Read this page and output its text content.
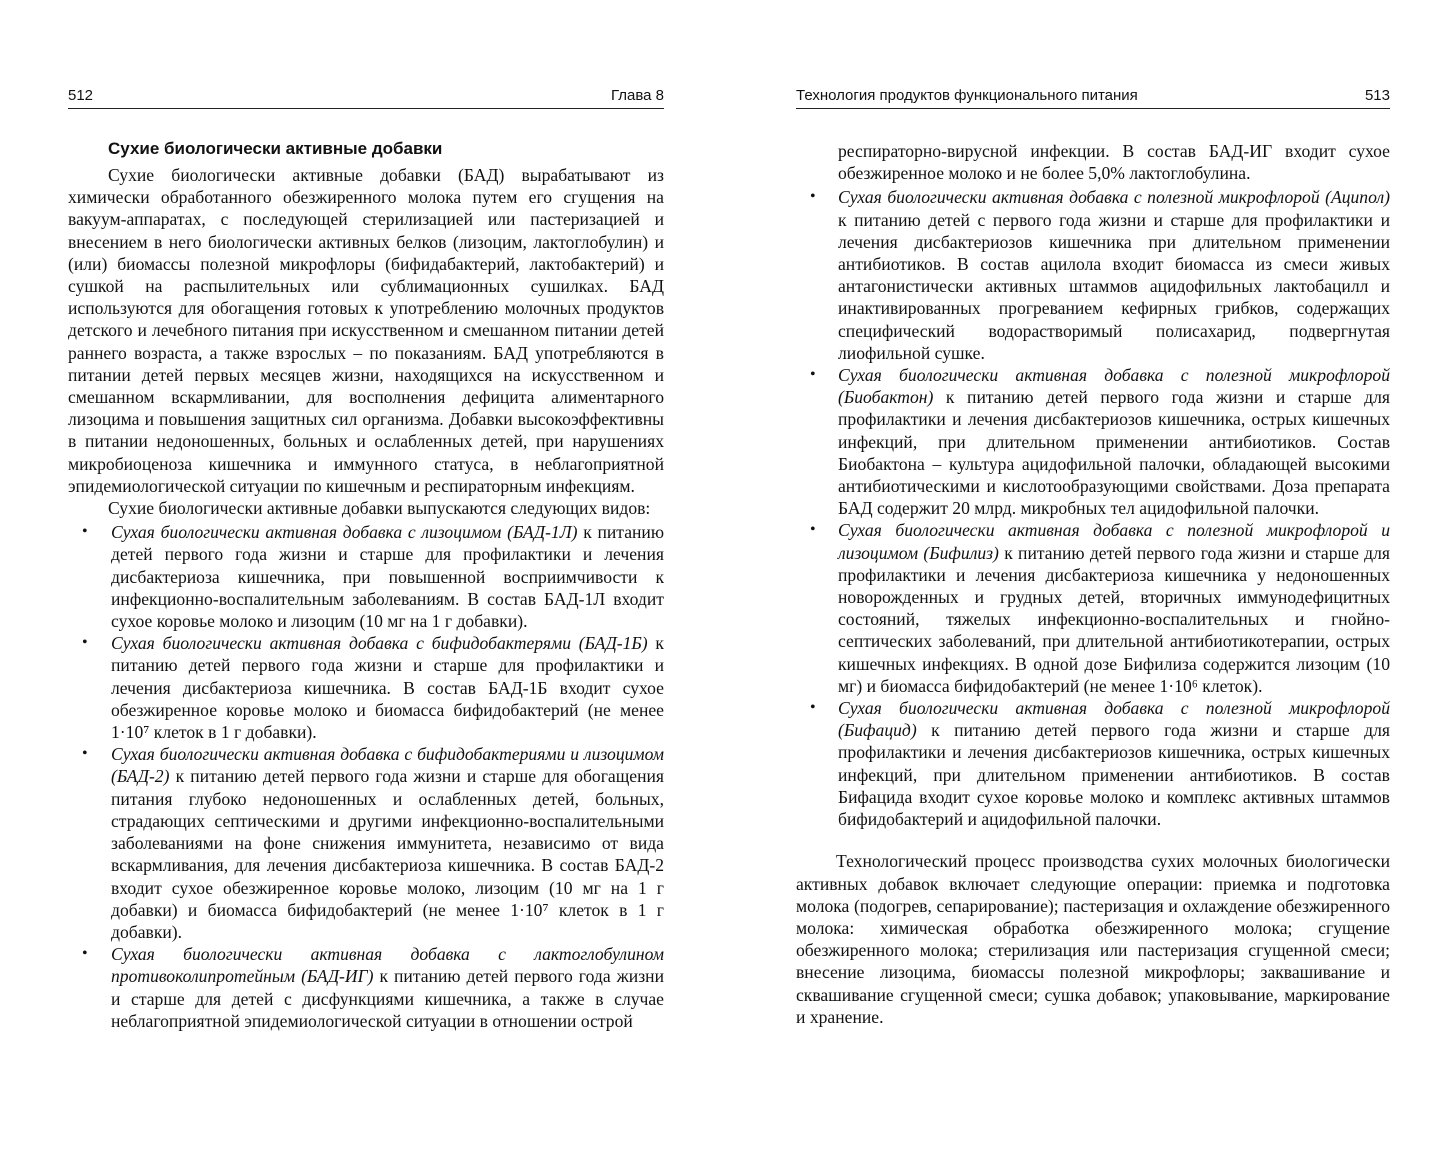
512	Глава 8
Сухие биологически активные добавки

Сухие биологически активные добавки (БАД) вырабатывают из химически обработанного обезжиренного молока путем его сгущения на вакуум-аппаратах, с последующей стерилизацией или пастеризацией и внесением в него биологически активных белков (лизоцим, лактоглобулин) и (или) биомассы полезной микрофлоры (бифидабактерий, лактобактерий) и сушкой на распылительных или сублимационных сушилках. БАД используются для обогащения готовых к употреблению молочных продуктов детского и лечебного питания при искусственном и смешанном питании детей раннего возраста, а также взрослых – по показаниям. БАД употребляются в питании детей первых месяцев жизни, находящихся на искусственном и смешанном вскармливании, для восполнения дефицита алиментарного лизоцима и повышения защитных сил организма. Добавки высокоэффективны в питании недоношенных, больных и ослабленных детей, при нарушениях микробиоценоза кишечника и иммунного статуса, в неблагоприятной эпидемиологической ситуации по кишечным и респираторным инфекциям.

Сухие биологически активные добавки выпускаются следующих видов:

• Сухая биологически активная добавка с лизоцимом (БАД-1Л) к питанию детей первого года жизни и старше для профилактики и лечения дисбактериоза кишечника, при повышенной восприимчивости к инфекционно-воспалительным заболеваниям. В состав БАД-1Л входит сухое коровье молоко и лизоцим (10 мг на 1 г добавки).
• Сухая биологически активная добавка с бифидобактерями (БАД-1Б) к питанию детей первого года жизни и старше для профилактики и лечения дисбактериоза кишечника. В состав БАД-1Б входит сухое обезжиренное коровье молоко и биомасса бифидобактерий (не менее 1·10⁷ клеток в 1 г добавки).
• Сухая биологически активная добавка с бифидобактериями и лизоцимом (БАД-2) к питанию детей первого года жизни и старше для обогащения питания глубоко недоношенных и ослабленных детей, больных, страдающих септическими и другими инфекционно-воспалительными заболеваниями на фоне снижения иммунитета, независимо от вида вскармливания, для лечения дисбактериоза кишечника. В состав БАД-2 входит сухое обезжиренное коровье молоко, лизоцим (10 мг на 1 г добавки) и биомасса бифидобактерий (не менее 1·10⁷ клеток в 1 г добавки).
• Сухая биологически активная добавка с лактоглобулином противоколипротейным (БАД-ИГ) к питанию детей первого года жизни и старше для детей с дисфункциями кишечника, а также в случае неблагоприятной эпидемиологической ситуации в отношении острой
Технология продуктов функционального питания	513

респираторно-вирусной инфекции. В состав БАД-ИГ входит сухое обезжиренное молоко и не более 5,0% лактоглобулина.

• Сухая биологически активная добавка с полезной микрофлорой (Аципол) к питанию детей с первого года жизни и старше для профилактики и лечения дисбактериозов кишечника при длительном применении антибиотиков. В состав ацилола входит биомасса из смеси живых антагонистически активных штаммов ацидофильных лактобацилл и инактивированных прогреванием кефирных грибков, содержащих специфический водорастворимый полисахарид, подвергнутая лиофильной сушке.
• Сухая биологически активная добавка с полезной микрофлорой (Биобактон) к питанию детей первого года жизни и старше для профилактики и лечения дисбактериозов кишечника, острых кишечных инфекций, при длительном применении антибиотиков. Состав Биобактона – культура ацидофильной палочки, обладающей высокими антибиотическими и кислотообразующими свойствами. Доза препарата БАД содержит 20 млрд. микробных тел ацидофильной палочки.
• Сухая биологически активная добавка с полезной микрофлорой и лизоцимом (Бифилиз) к питанию детей первого года жизни и старше для профилактики и лечения дисбактериоза кишечника у недоношенных новорожденных и грудных детей, вторичных иммунодефицитных состояний, тяжелых инфекционно-воспалительных и гнойно-септических заболеваний, при длительной антибиотикотерапии, острых кишечных инфекциях. В одной дозе Бифилиза содержится лизоцим (10 мг) и биомасса бифидобактерий (не менее 1·10⁶ клеток).
• Сухая биологически активная добавка с полезной микрофлорой (Бифацид) к питанию детей первого года жизни и старше для профилактики и лечения дисбактериозов кишечника, острых кишечных инфекций, при длительном применении антибиотиков. В состав Бифацида входит сухое коровье молоко и комплекс активных штаммов бифидобактерий и ацидофильной палочки.

Технологический процесс производства сухих молочных биологически активных добавок включает следующие операции: приемка и подготовка молока (подогрев, сепарирование); пастеризация и охлаждение обезжиренного молока: химическая обработка обезжиренного молока; сгущение обезжиренного молока; стерилизация или пастеризация сгущенной смеси; внесение лизоцима, биомассы полезной микрофлоры; заквашивание и сквашивание сгущенной смеси; сушка добавок; упаковывание, маркирование и хранение.
